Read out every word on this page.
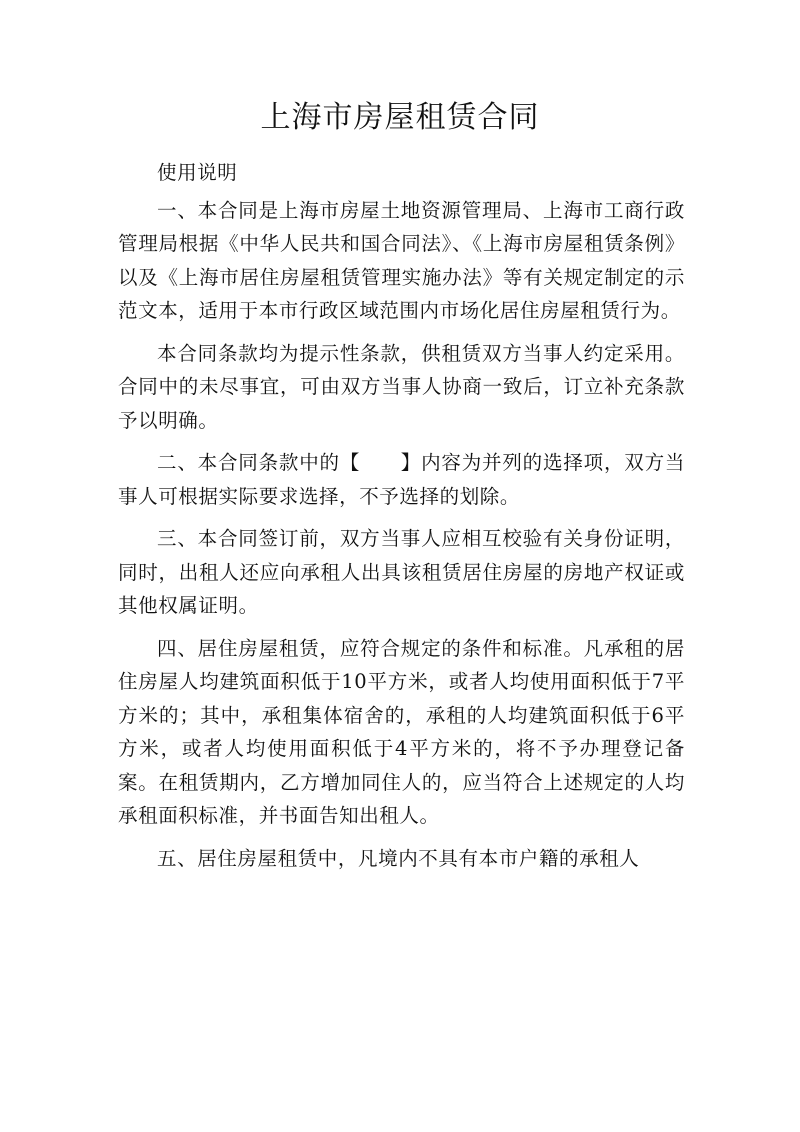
上海市房屋租赁合同

使用说明

一、本合同是上海市房屋土地资源管理局、上海市工商行政管理局根据《中华人民共和国合同法》、《上海市房屋租赁条例》以及《上海市居住房屋租赁管理实施办法》等有关规定制定的示范文本，适用于本市行政区域范围内市场化居住房屋租赁行为。

本合同条款均为提示性条款，供租赁双方当事人约定采用。合同中的未尽事宜，可由双方当事人协商一致后，订立补充条款予以明确。

二、本合同条款中的【　　】内容为并列的选择项，双方当事人可根据实际要求选择，不予选择的划除。

三、本合同签订前，双方当事人应相互校验有关身份证明，同时，出租人还应向承租人出具该租赁居住房屋的房地产权证或其他权属证明。

四、居住房屋租赁，应符合规定的条件和标准。凡承租的居住房屋人均建筑面积低于10平方米，或者人均使用面积低于7平方米的；其中，承租集体宿舍的，承租的人均建筑面积低于6平方米，或者人均使用面积低于4平方米的，将不予办理登记备案。在租赁期内，乙方增加同住人的，应当符合上述规定的人均承租面积标准，并书面告知出租人。

五、居住房屋租赁中，凡境内不具有本市户籍的承租人
